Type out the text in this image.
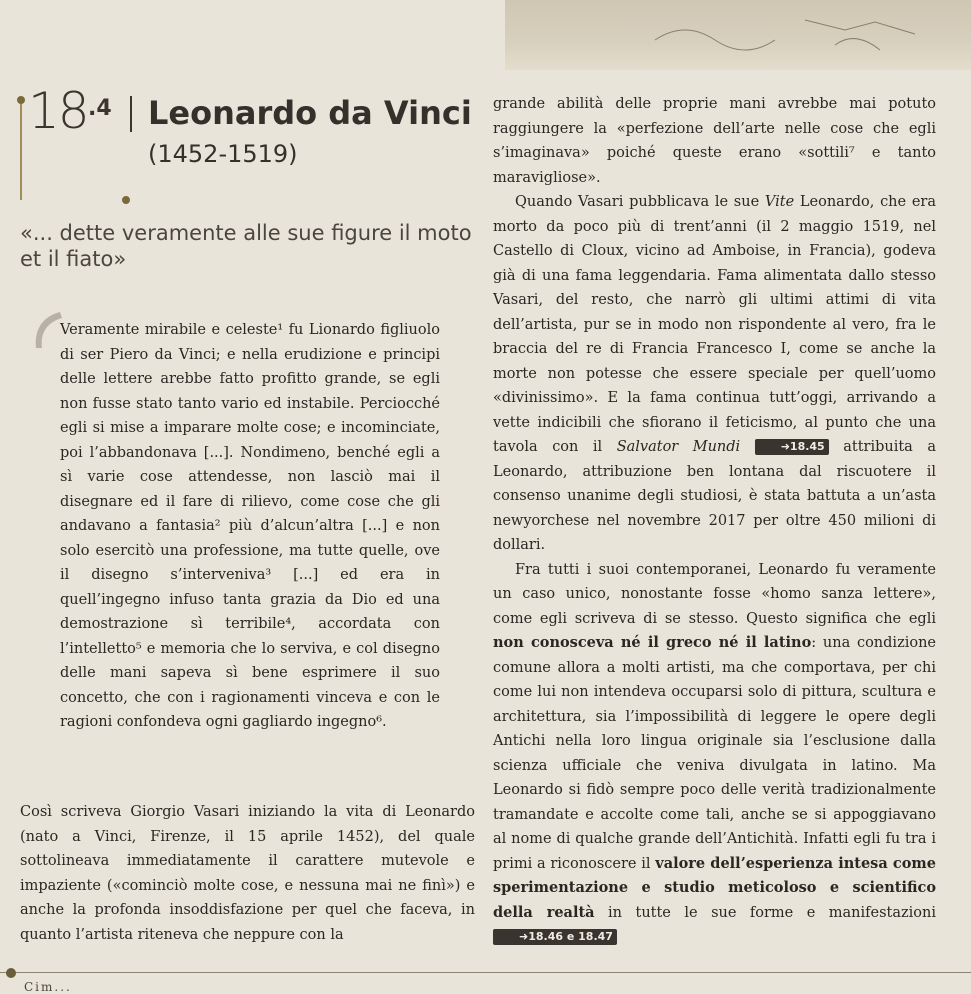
18 .4 Leonardo da Vinci
(1452-1519)
«... dette veramente alle sue figure il moto et il fiato»
Veramente mirabile e celeste¹ fu Lionardo figliuolo di ser Piero da Vinci; e nella erudizione e principi delle lettere arebbe fatto profitto grande, se egli non fusse stato tanto vario ed instabile. Perciocché egli si mise a imparare molte cose; e incominciate, poi l’abbandonava [...]. Nondimeno, benché egli a sì varie cose attendesse, non lasciò mai il disegnare ed il fare di rilievo, come cose che gli andavano a fantasia² più d’alcun’altra [...] e non solo esercitò una professione, ma tutte quelle, ove il disegno s’interveniva³ [...] ed era in quell’ingegno infuso tanta grazia da Dio ed una demostrazione sì terribile⁴, accordata con l’intelletto⁵ e memoria che lo serviva, e col disegno delle mani sapeva sì bene esprimere il suo concetto, che con i ragionamenti vinceva e con le ragioni confondeva ogni gagliardo ingegno⁶.
Così scriveva Giorgio Vasari iniziando la vita di Leonardo (nato a Vinci, Firenze, il 15 aprile 1452), del quale sottolineava immediatamente il carattere mutevole e impaziente («cominciò molte cose, e nessuna mai ne finì») e anche la profonda insoddisfazione per quel che faceva, in quanto l’artista riteneva che neppure con la

grande abilità delle proprie mani avrebbe mai potuto raggiungere la «perfezione dell’arte nelle cose che egli s’imaginava» poiché queste erano «sottili⁷ e tanto maravigliose».

Quando Vasari pubblicava le sue Vite Leonardo, che era morto da poco più di trent’anni (il 2 maggio 1519, nel Castello di Cloux, vicino ad Amboise, in Francia), godeva già di una fama leggendaria. Fama alimentata dallo stesso Vasari, del resto, che narrò gli ultimi attimi di vita dell’artista, pur se in modo non rispondente al vero, fra le braccia del re di Francia Francesco I, come se anche la morte non potesse che essere speciale per quell’uomo «divinissimo». E la fama continua tutt’oggi, arrivando a vette indicibili che sfiorano il feticismo, al punto che una tavola con il Salvator Mundi	➜18.45 attribuita a Leonardo, attribuzione ben lontana dal riscuotere il consenso unanime degli studiosi, è stata battuta a un’asta newyorchese nel novembre 2017 per oltre 450 milioni di dollari.

Fra tutti i suoi contemporanei, Leonardo fu veramente un caso unico, nonostante fosse «homo sanza lettere», come egli scriveva di se stesso. Questo significa che egli non conosceva né il greco né il latino: una condizione comune allora a molti artisti, ma che comportava, per chi come lui non intendeva occuparsi solo di pittura, scultura e architettura, sia l’impossibilità di leggere le opere degli Antichi nella loro lingua originale sia l’esclusione dalla scienza ufficiale che veniva divulgata in latino. Ma Leonardo si fidò sempre poco delle verità tradizionalmente tramandate e accolte come tali, anche se si appoggiavano al nome di qualche grande dell’Antichità. Infatti egli fu tra i primi a riconoscere il valore dell’esperienza intesa come sperimentazione e studio meticoloso e scientifico della realtà in tutte le sue forme e manifestazioni ➜18.46 e 18.47

Cim...
